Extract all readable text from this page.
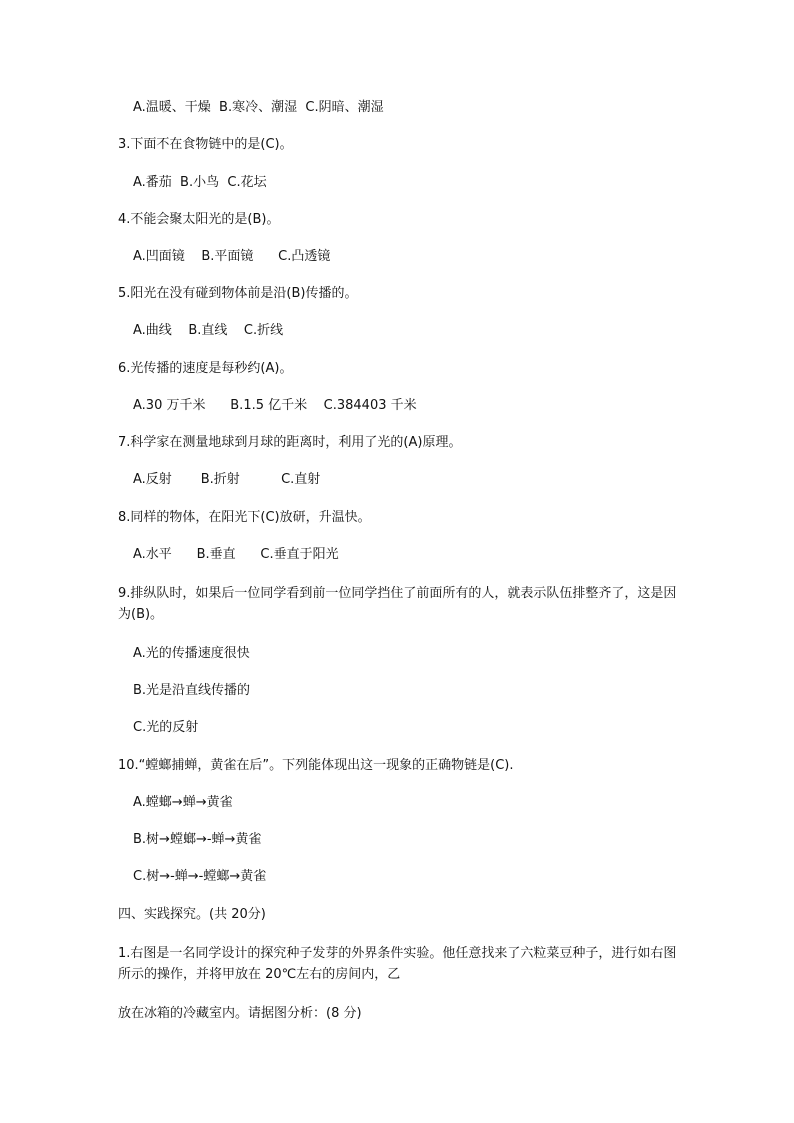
A.温暖、干燥  B.寒冷、潮湿  C.阴暗、潮湿
3.下面不在食物链中的是(C)。
A.番茄  B.小鸟  C.花坛
4.不能会聚太阳光的是(B)。
A.凹面镜    B.平面镜      C.凸透镜
5.阳光在没有碰到物体前是沿(B)传播的。
A.曲线    B.直线    C.折线
6.光传播的速度是每秒约(A)。
A.30 万千米      B.1.5 亿千米    C.384403 千米
7.科学家在测量地球到月球的距离时，利用了光的(A)原理。
A.反射       B.折射          C.直射
8.同样的物体，在阳光下(C)放研，升温快。
A.水平      B.垂直      C.垂直于阳光
9.排纵队时，如果后一位同学看到前一位同学挡住了前面所有的人，就表示队伍排整齐了，这是因为(B)。
A.光的传播速度很快
B.光是沿直线传播的
C.光的反射
10.“螳螂捕蝉，黄雀在后”。下列能体现出这一现象的正确物链是(C).
A.螳螂→蝉→黄雀
B.树→螳螂→-蝉→黄雀
C.树→-蝉→-螳螂→黄雀
四、实践探究。(共 20分)
1.右图是一名同学设计的探究种子发芽的外界条件实验。他任意找来了六粒菜豆种子，进行如右图 所示的操作，并将甲放在 20℃左右的房间内，乙
放在冰箱的冷藏室内。请据图分析：(8 分)
